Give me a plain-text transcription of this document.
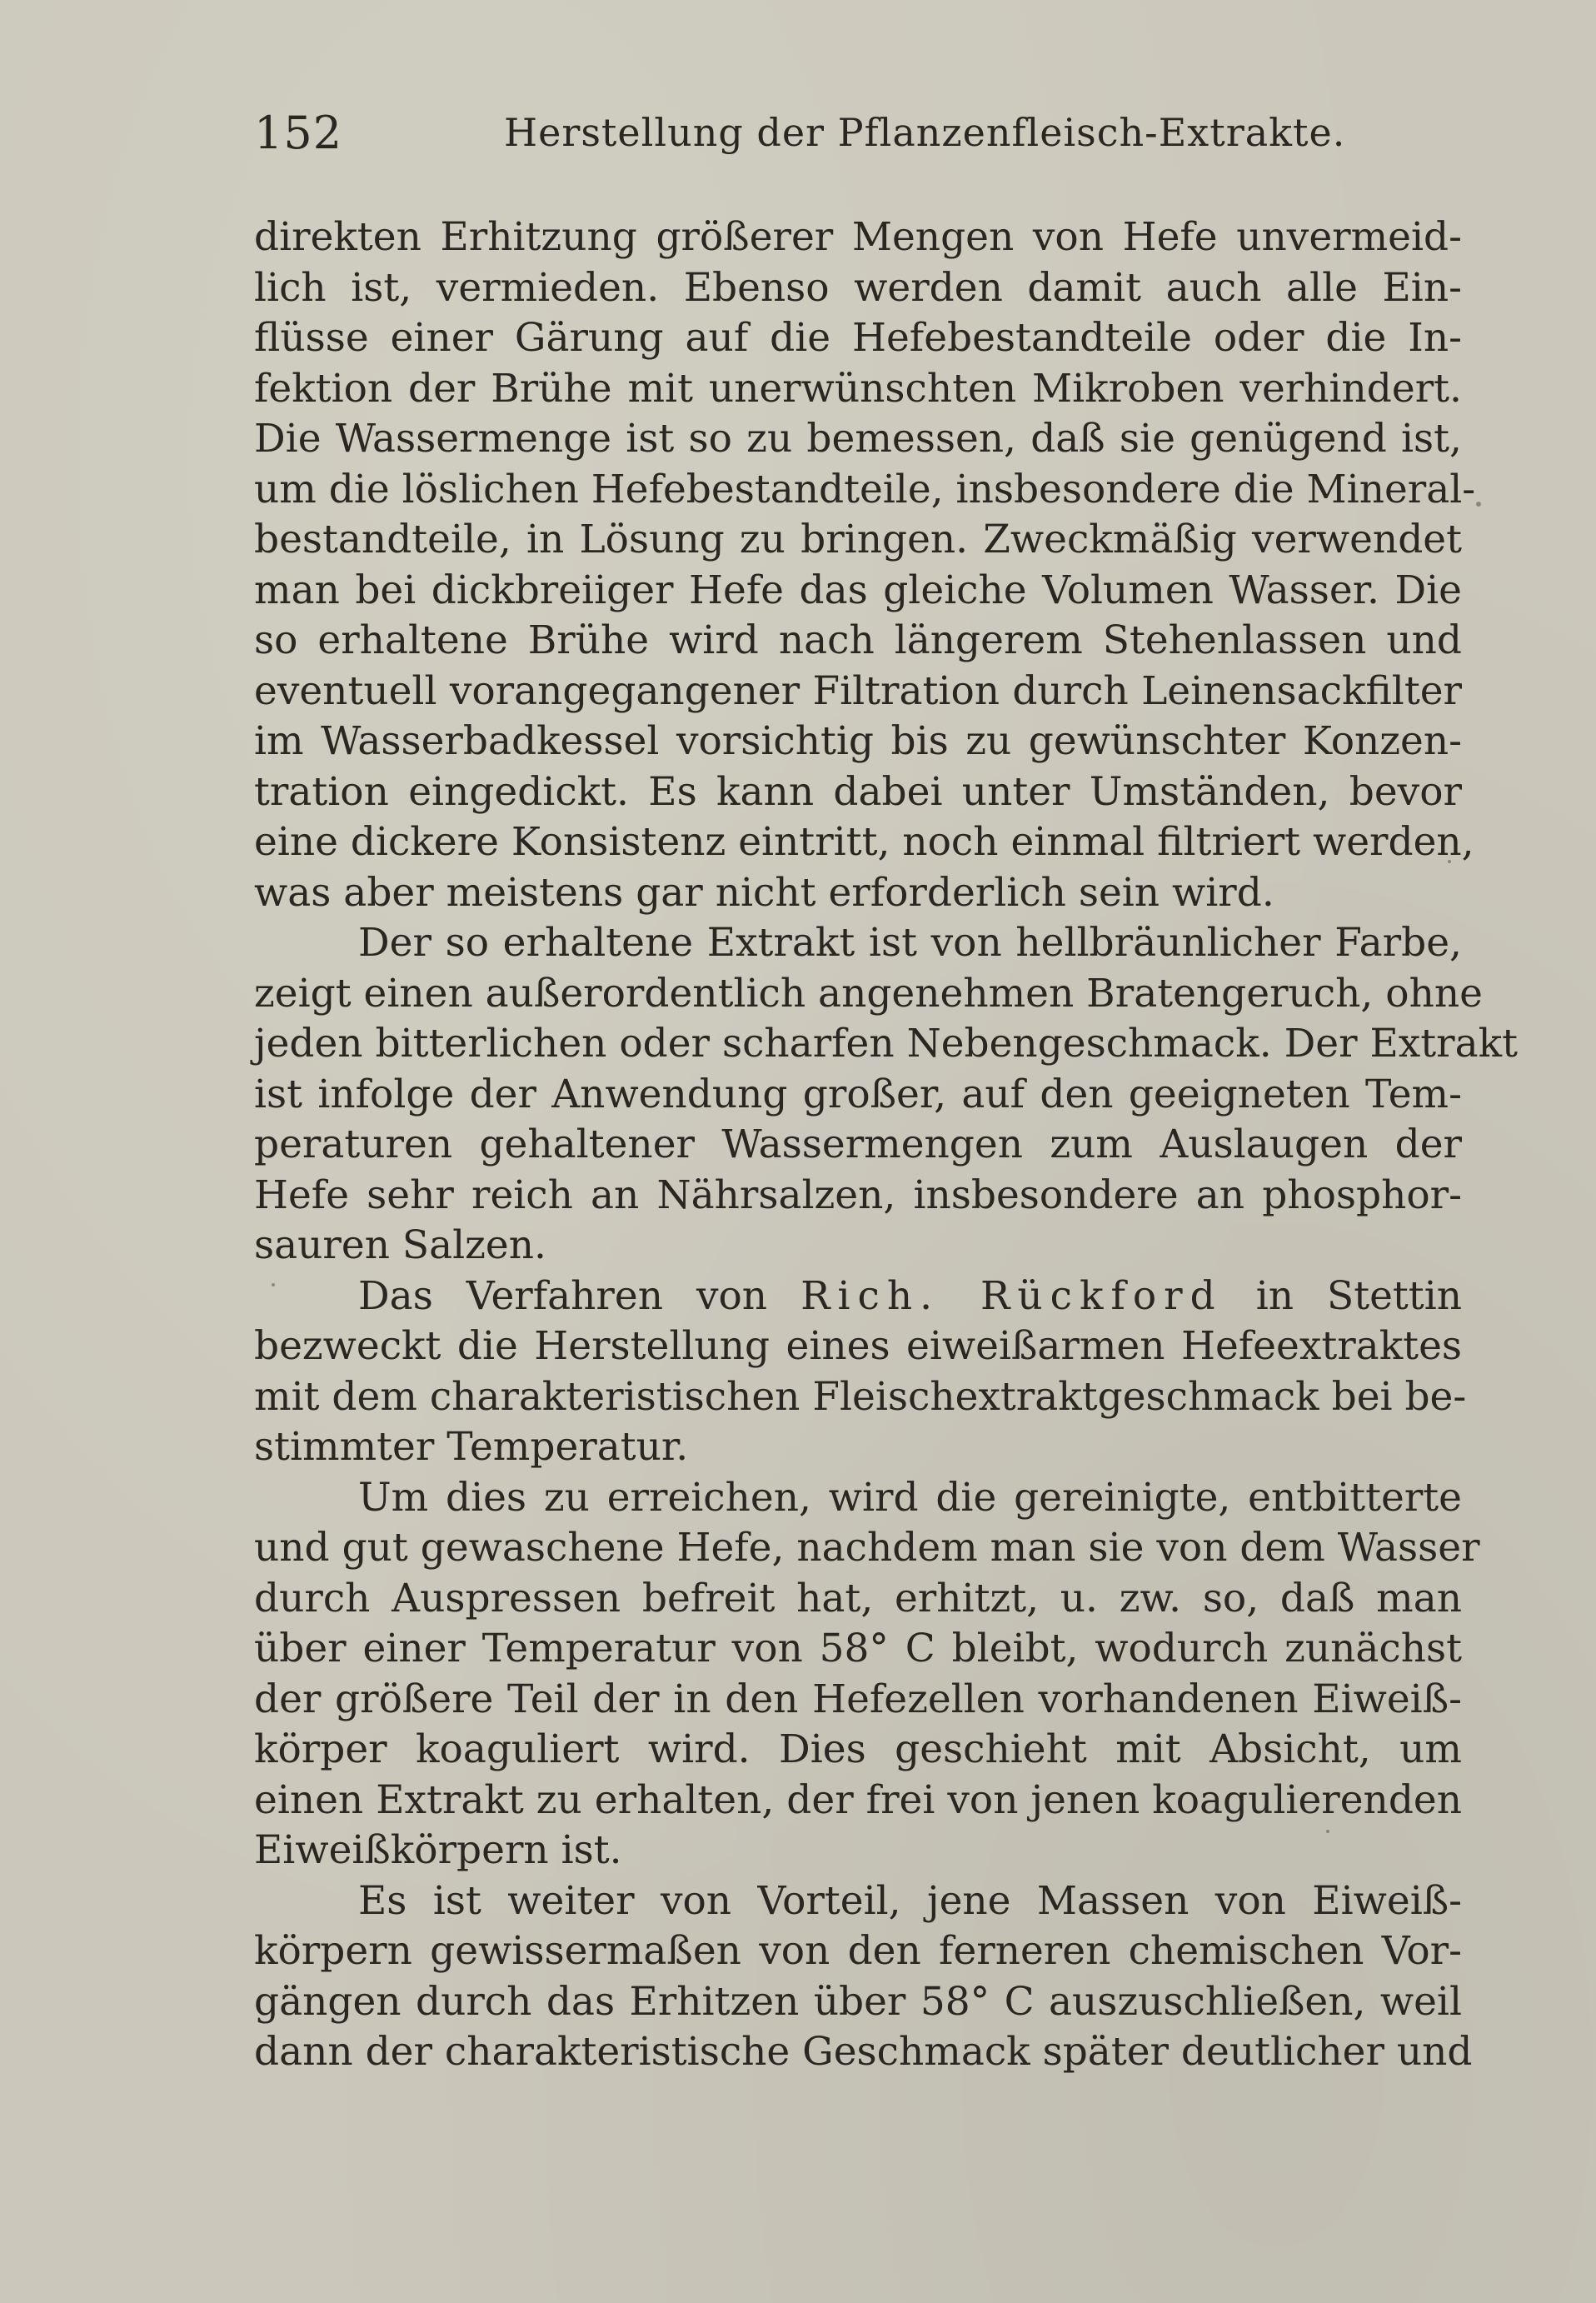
152	Herstellung der Pflanzenfleisch-Extrakte.
direkten Erhitzung größerer Mengen von Hefe unvermeid-
lich ist, vermieden. Ebenso werden damit auch alle Ein-
flüsse einer Gärung auf die Hefebestandteile oder die In-
fektion der Brühe mit unerwünschten Mikroben verhindert.
Die Wassermenge ist so zu bemessen, daß sie genügend ist,
um die löslichen Hefebestandteile, insbesondere die Mineral-
bestandteile, in Lösung zu bringen. Zweckmäßig verwendet
man bei dickbreiiger Hefe das gleiche Volumen Wasser. Die
so erhaltene Brühe wird nach längerem Stehenlassen und
eventuell vorangegangener Filtration durch Leinensackfilter
im Wasserbadkessel vorsichtig bis zu gewünschter Konzen-
tration eingedickt. Es kann dabei unter Umständen, bevor
eine dickere Konsistenz eintritt, noch einmal filtriert werden,
was aber meistens gar nicht erforderlich sein wird.
Der so erhaltene Extrakt ist von hellbräunlicher Farbe,
zeigt einen außerordentlich angenehmen Bratengeruch, ohne
jeden bitterlichen oder scharfen Nebengeschmack. Der Extrakt
ist infolge der Anwendung großer, auf den geeigneten Tem-
peraturen gehaltener Wassermengen zum Auslaugen der
Hefe sehr reich an Nährsalzen, insbesondere an phosphor-
sauren Salzen.
Das Verfahren von Rich. Rückford in Stettin
bezweckt die Herstellung eines eiweißarmen Hefeextraktes
mit dem charakteristischen Fleischextraktgeschmack bei be-
stimmter Temperatur.
Um dies zu erreichen, wird die gereinigte, entbitterte
und gut gewaschene Hefe, nachdem man sie von dem Wasser
durch Auspressen befreit hat, erhitzt, u. zw. so, daß man
über einer Temperatur von 58° C bleibt, wodurch zunächst
der größere Teil der in den Hefezellen vorhandenen Eiweiß-
körper koaguliert wird. Dies geschieht mit Absicht, um
einen Extrakt zu erhalten, der frei von jenen koagulierenden
Eiweißkörpern ist.
Es ist weiter von Vorteil, jene Massen von Eiweiß-
körpern gewissermaßen von den ferneren chemischen Vor-
gängen durch das Erhitzen über 58° C auszuschließen, weil
dann der charakteristische Geschmack später deutlicher und
